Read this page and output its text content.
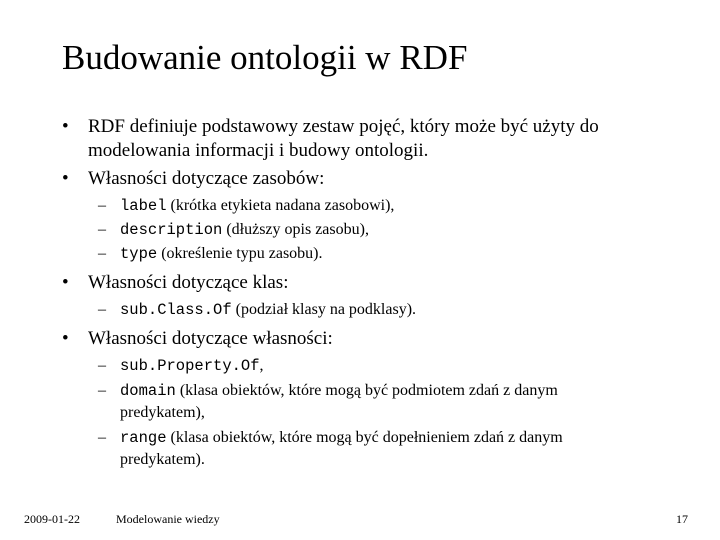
Budowanie ontologii w RDF
• RDF definiuje podstawowy zestaw pojęć, który może być użyty do
modelowania informacji i budowy ontologii.
• Własności dotyczące zasobów:
– label (krótka etykieta nadana zasobowi),
– description (dłuższy opis zasobu),
– type (określenie typu zasobu).
• Własności dotyczące klas:
– sub.Class.Of (podział klasy na podklasy).
• Własności dotyczące własności:
– sub.Property.Of,
– domain (klasa obiektów, które mogą być podmiotem zdań z danym
predykatem),
– range (klasa obiektów, które mogą być dopełnieniem zdań z danym
predykatem).
2009-01-22	Modelowanie wiedzy	17
